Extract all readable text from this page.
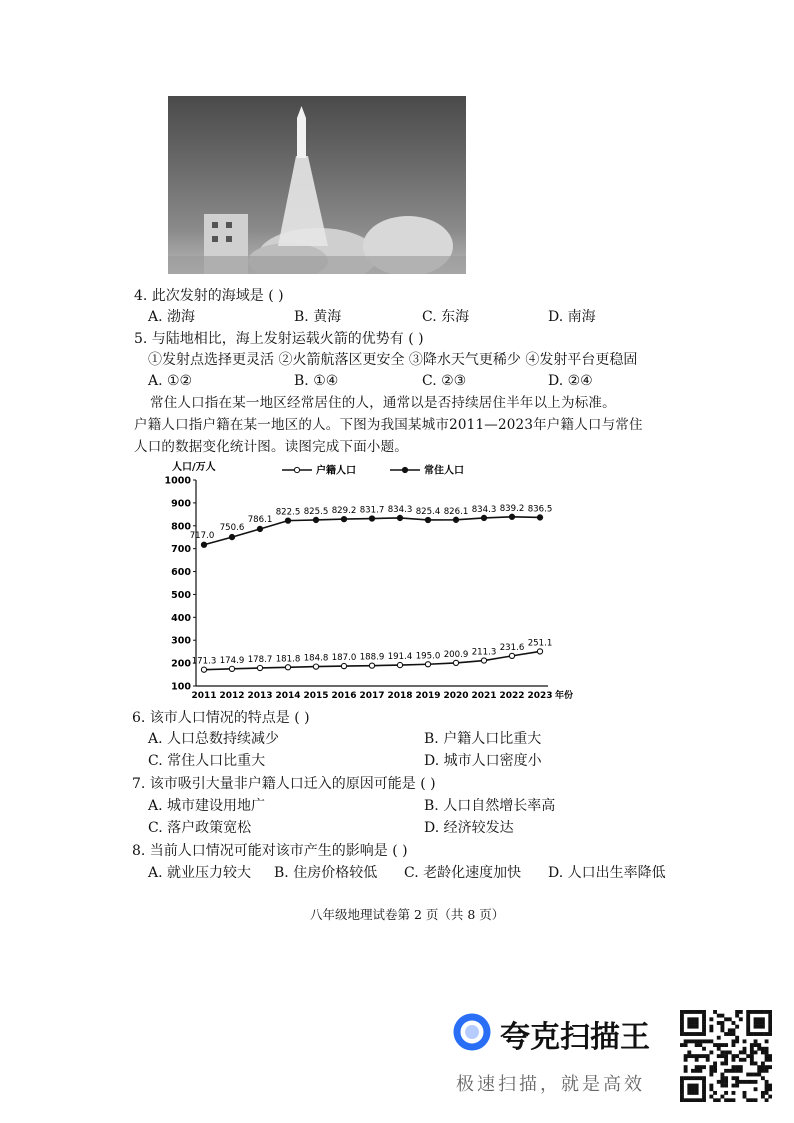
4. 此次发射的海域是 ( )
A. 渤海	B. 黄海	C. 东海	D. 南海
5. 与陆地相比，海上发射运载火箭的优势有 ( )
①发射点选择更灵活 ②火箭航落区更安全 ③降水天气更稀少 ④发射平台更稳固
A. ①②	B. ①④	C. ②③	D. ②④
常住人口指在某一地区经常居住的人，通常以是否持续居住半年以上为标准。
户籍人口指户籍在某一地区的人。下图为我国某城市2011—2023年户籍人口与常住
人口的数据变化统计图。读图完成下面小题。
人口/万人	户籍人口	常住人口
100
200
300
400
500
600
700
800
900
1000
2011 2012 2013 2014 2015 2016 2017 2018 2019 2020 2021 2022 2023 年份
171.3 174.9 178.7 181.8 184.8 187.0 188.9 191.4 195.0 200.9 211.3 231.6 251.1
717.0
750.6
786.1
822.5 825.5 829.2 831.7 834.3 825.4 826.1 834.3 839.2 836.5
6. 该市人口情况的特点是 ( )
A. 人口总数持续减少	B. 户籍人口比重大
C. 常住人口比重大	D. 城市人口密度小
7. 该市吸引大量非户籍人口迁入的原因可能是 ( )
A. 城市建设用地广	B. 人口自然增长率高
C. 落户政策宽松	D. 经济较发达
8. 当前人口情况可能对该市产生的影响是 ( )
A. 就业压力较大 B. 住房价格较低 C. 老龄化速度加快 D. 人口出生率降低
八年级地理试卷第 2 页（共 8 页）
夸克扫描王
极速扫描，就是高效
